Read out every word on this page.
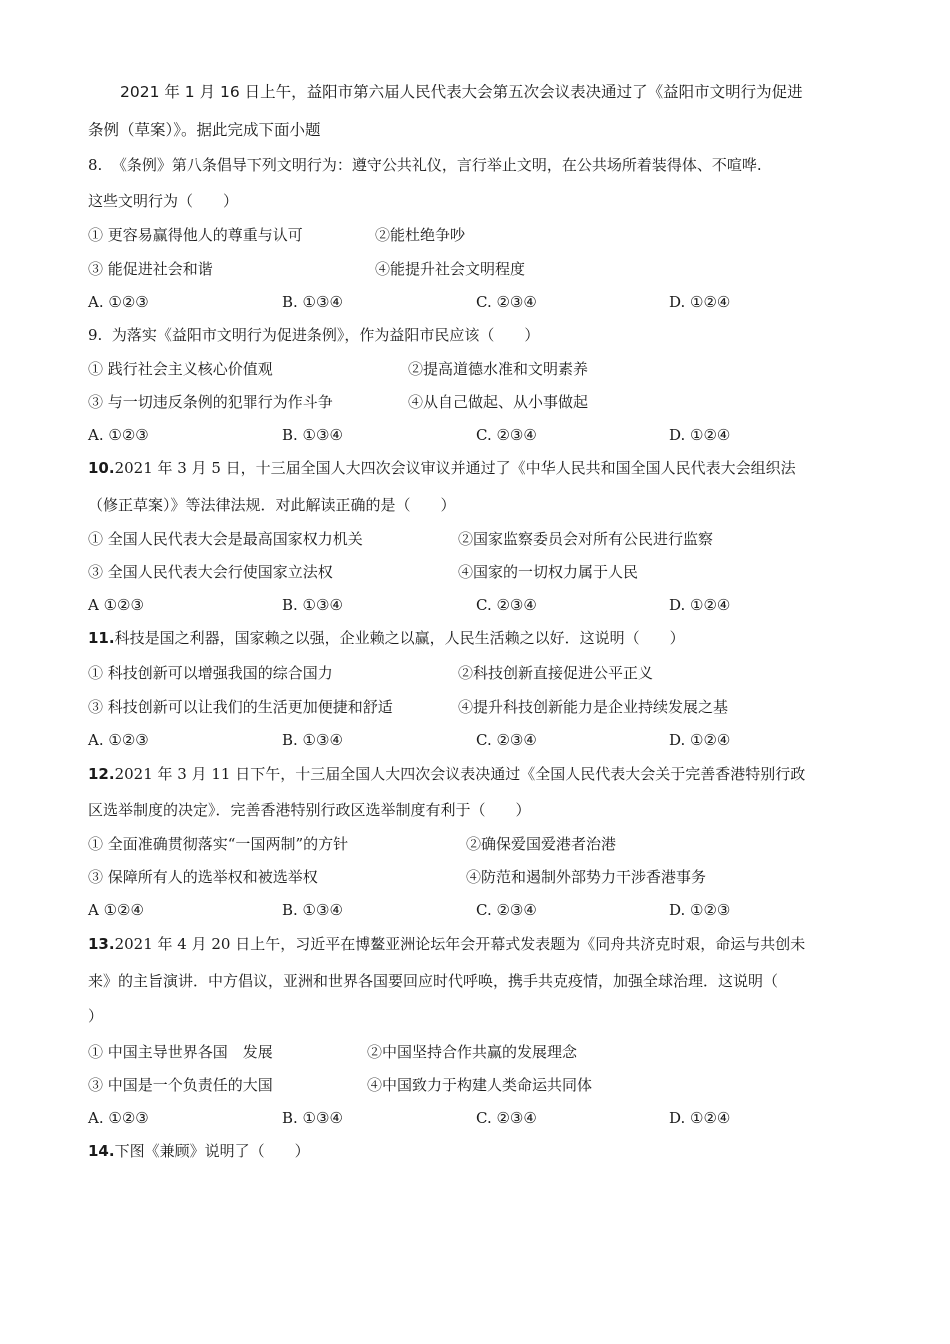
2021 年 1 月 16 日上午，益阳市第六届人民代表大会第五次会议表决通过了《益阳市文明行为促进
条例（草案）》。据此完成下面小题
8. 《条例》第八条倡导下列文明行为：遵守公共礼仪，言行举止文明，在公共场所着装得体、不喧哗.
这些文明行为（　　）
① 更容易赢得他人的尊重与认可	②能杜绝争吵
③ 能促进社会和谐	④能提升社会文明程度
A. ①②③	B. ①③④	C. ②③④	D. ①②④
9. 为落实《益阳市文明行为促进条例》，作为益阳市民应该（　　）
① 践行社会主义核心价值观	②提高道德水准和文明素养
③ 与一切违反条例的犯罪行为作斗争	④从自己做起、从小事做起
A. ①②③	B. ①③④	C. ②③④	D. ①②④
10.2021 年 3 月 5 日，十三届全国人大四次会议审议并通过了《中华人民共和国全国人民代表大会组织法
（修正草案）》等法律法规．对此解读正确的是（　　）
① 全国人民代表大会是最高国家权力机关	②国家监察委员会对所有公民进行监察
③ 全国人民代表大会行使国家立法权	④国家的一切权力属于人民
A ①②③	B. ①③④	C. ②③④	D. ①②④
11.科技是国之利器，国家赖之以强，企业赖之以赢，人民生活赖之以好．这说明（　　）
① 科技创新可以增强我国的综合国力	②科技创新直接促进公平正义
③ 科技创新可以让我们的生活更加便捷和舒适	④提升科技创新能力是企业持续发展之基
A. ①②③	B. ①③④	C. ②③④	D. ①②④
12.2021 年 3 月 11 日下午，十三届全国人大四次会议表决通过《全国人民代表大会关于完善香港特别行政
区选举制度的决定》．完善香港特别行政区选举制度有利于（　　）
① 全面准确贯彻落实“一国两制”的方针	②确保爱国爱港者治港
③ 保障所有人的选举权和被选举权	④防范和遏制外部势力干涉香港事务
A ①②④	B. ①③④	C. ②③④	D. ①②③
13.2021 年 4 月 20 日上午，习近平在博鳌亚洲论坛年会开幕式发表题为《同舟共济克时艰，命运与共创未
来》的主旨演讲．中方倡议，亚洲和世界各国要回应时代呼唤，携手共克疫情，加强全球治理．这说明（
）
① 中国主导世界各国　发展	②中国坚持合作共赢的发展理念
③ 中国是一个负责任的大国	④中国致力于构建人类命运共同体
A. ①②③	B. ①③④	C. ②③④	D. ①②④
14.下图《兼顾》说明了（　　）
